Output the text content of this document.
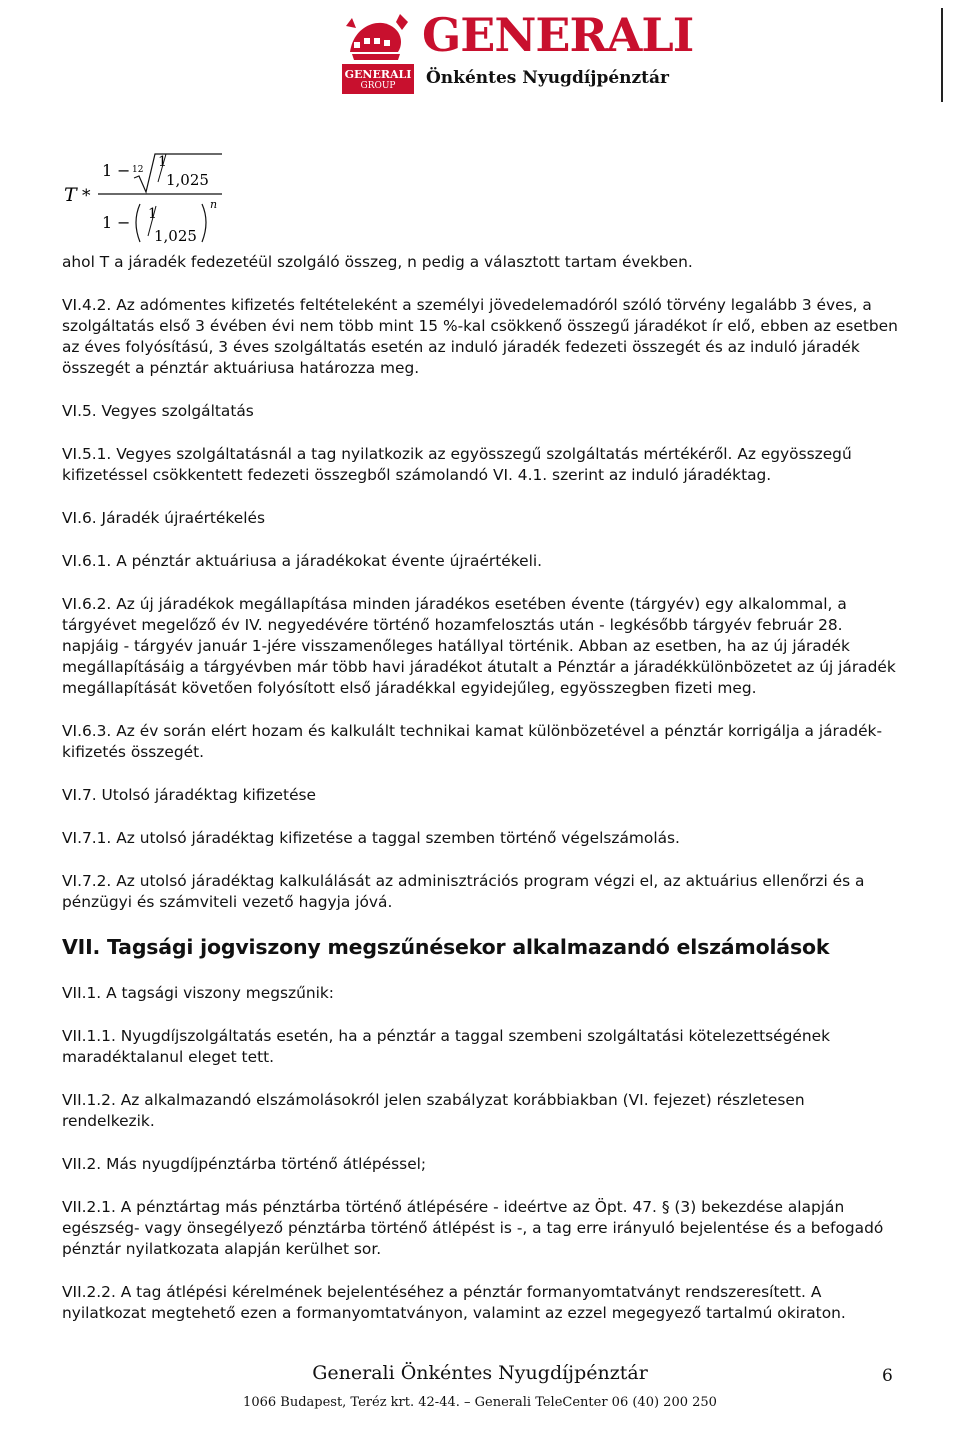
GENERALI
GROUP
GENERALI
Önkéntes Nyugdíjpénztár
T *
1 − 12 1
1,025
1 − 1
1,025
n

ahol T a járadék fedezetéül szolgáló összeg, n pedig a választott tartam években.

VI.4.2. Az adómentes kifizetés feltételeként a személyi jövedelemadóról szóló törvény legalább 3 éves, a szolgáltatás első 3 évében évi nem több mint 15 %-kal csökkenő összegű járadékot ír elő, ebben az esetben az éves folyósítású, 3 éves szolgáltatás esetén az induló járadék fedezeti összegét és az induló járadék összegét a pénztár aktuáriusa határozza meg.

VI.5. Vegyes szolgáltatás

VI.5.1. Vegyes szolgáltatásnál a tag nyilatkozik az egyösszegű szolgáltatás mértékéről. Az egyösszegű kifizetéssel csökkentett fedezeti összegből számolandó VI. 4.1. szerint az induló járadéktag.

VI.6. Járadék újraértékelés

VI.6.1. A pénztár aktuáriusa a járadékokat évente újraértékeli.

VI.6.2. Az új járadékok megállapítása minden járadékos esetében évente (tárgyév) egy alkalommal, a tárgyévet megelőző év IV. negyedévére történő hozamfelosztás után - legkésőbb tárgyév február 28. napjáig - tárgyév január 1-jére visszamenőleges hatállyal történik. Abban az esetben, ha az új járadék megállapításáig a tárgyévben már több havi járadékot átutalt a Pénztár a járadékkülönbözetet az új járadék megállapítását követően folyósított első járadékkal egyidejűleg, egyösszegben fizeti meg.

VI.6.3. Az év során elért hozam és kalkulált technikai kamat különbözetével a pénztár korrigálja a járadék-kifizetés összegét.

VI.7. Utolsó járadéktag kifizetése

VI.7.1. Az utolsó járadéktag kifizetése a taggal szemben történő végelszámolás.

VI.7.2. Az utolsó járadéktag kalkulálását az adminisztrációs program végzi el, az aktuárius ellenőrzi és a pénzügyi és számviteli vezető hagyja jóvá.

VII. Tagsági jogviszony megszűnésekor alkalmazandó elszámolások

VII.1. A tagsági viszony megszűnik:

VII.1.1. Nyugdíjszolgáltatás esetén, ha a pénztár a taggal szembeni szolgáltatási kötelezettségének maradéktalanul eleget tett.

VII.1.2. Az alkalmazandó elszámolásokról jelen szabályzat korábbiakban (VI. fejezet) részletesen rendelkezik.

VII.2. Más nyugdíjpénztárba történő átlépéssel;

VII.2.1. A pénztártag más pénztárba történő átlépésére - ideértve az Öpt. 47. § (3) bekezdése alapján egészség- vagy önsegélyező pénztárba történő átlépést is -, a tag erre irányuló bejelentése és a befogadó pénztár nyilatkozata alapján kerülhet sor.

VII.2.2. A tag átlépési kérelmének bejelentéséhez a pénztár formanyomtatványt rendszeresített. A nyilatkozat megtehető ezen a formanyomtatványon, valamint az ezzel megegyező tartalmú okiraton.

Generali Önkéntes Nyugdíjpénztár
1066 Budapest, Teréz krt. 42-44. – Generali TeleCenter 06 (40) 200 250
6
